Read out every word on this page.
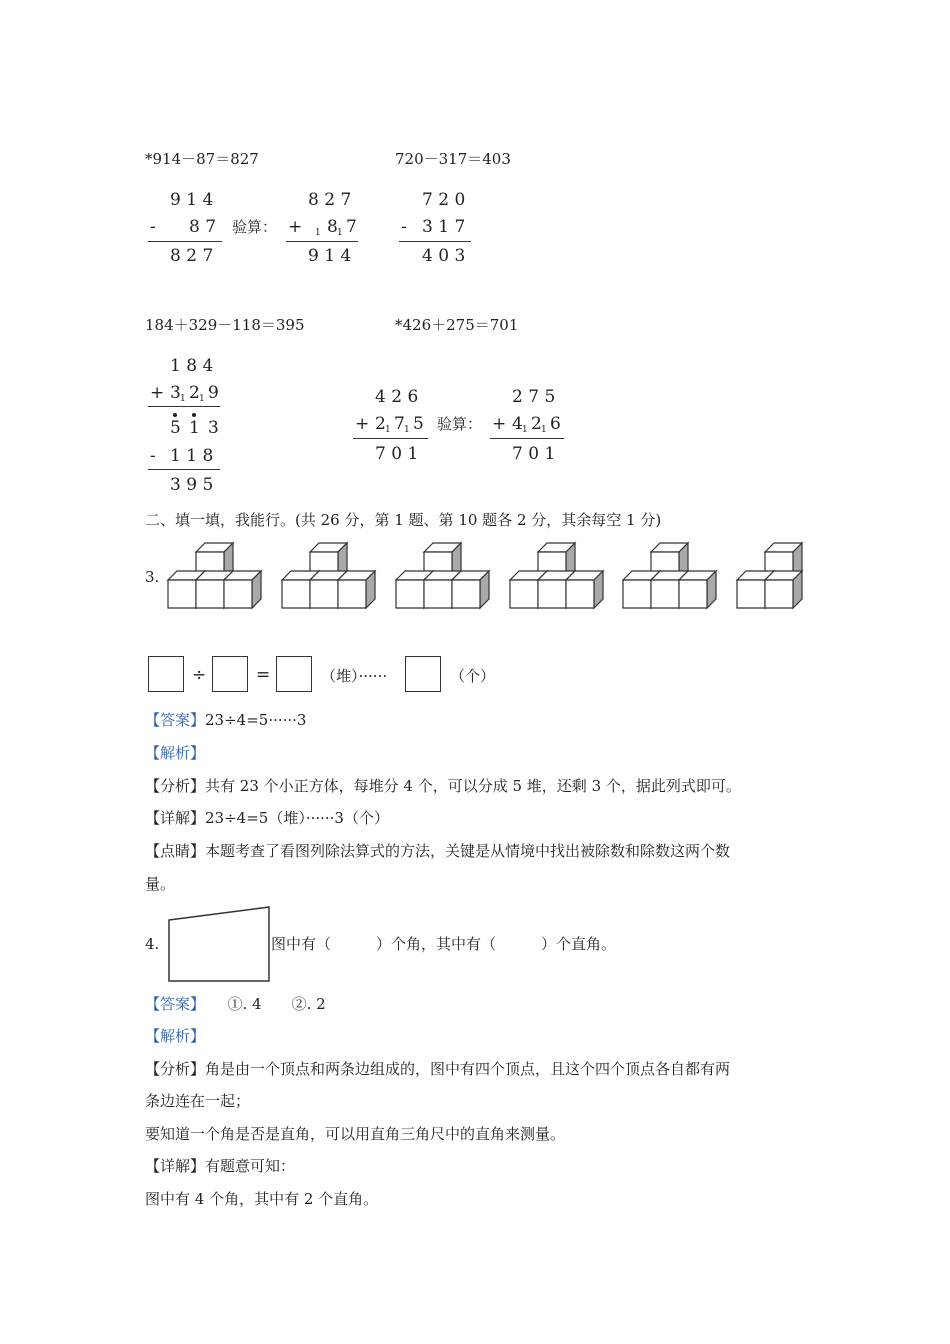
*914－87＝827	720－317＝403
9 1 4
- 8 7
8 2 7
验算：
8 2 7
+ 1 8 1 7
9 1 4
7 2 0
- 3 1 7
4 0 3
184＋329－118＝395	*426＋275＝701
1 8 4
+ 3 1 2 1 9
5 1 3
- 1 1 8
3 9 5
4 2 6
+ 2 1 7 1 5
7 0 1
验算：
2 7 5
+ 4 1 2 1 6
7 0 1
二、填一填，我能行。(共 26 分，第 1 题、第 10 题各 2 分，其余每空 1 分)
3.
÷	=	（堆）······	（个）
【答案】23÷4=5······3
【解析】
【分析】共有 23 个小正方体，每堆分 4 个，可以分成 5 堆，还剩 3 个，据此列式即可。
【详解】23÷4=5（堆）······3（个）
【点睛】本题考查了看图列除法算式的方法，关键是从情境中找出被除数和除数这两个数
量。
4.	图中有（　　　）个角，其中有（　　　）个直角。
【答案】　　①. 4　　②. 2
【解析】
【分析】角是由一个顶点和两条边组成的，图中有四个顶点，且这个四个顶点各自都有两
条边连在一起；
要知道一个角是否是直角，可以用直角三角尺中的直角来测量。
【详解】有题意可知：
图中有 4 个角，其中有 2 个直角。
